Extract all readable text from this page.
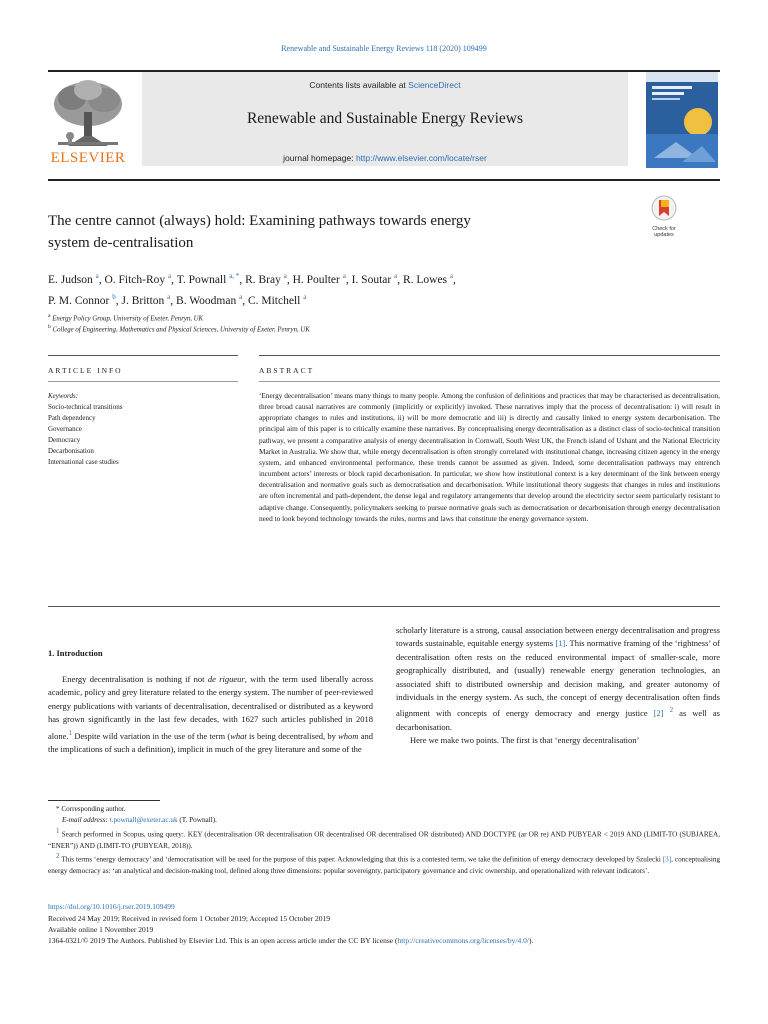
Renewable and Sustainable Energy Reviews 118 (2020) 109499
ELSEVIER
Contents lists available at ScienceDirect
Renewable and Sustainable Energy Reviews
journal homepage: http://www.elsevier.com/locate/rser
Check for updates
The centre cannot (always) hold: Examining pathways towards energy
system de-centralisation
E. Judson $^a$, O. Fitch-Roy $^a$, T. Pownall $^{a, *}$, R. Bray $^a$, H. Poulter $^a$, I. Soutar $^a$, R. Lowes $^a$,
P. M. Connor $^b$, J. Britton $^a$, B. Woodman $^a$, C. Mitchell $^a$
$^a$ Energy Policy Group, University of Exeter, Penryn, UK
$^b$ College of Engineering, Mathematics and Physical Sciences, University of Exeter, Penryn, UK
ARTICLE INFO	ABSTRACT
Keywords:
Socio-technical transitions
Path dependency
Governance
Democracy
Decarbonisation
International case studies
‘Energy decentralisation’ means many things to many people. Among the confusion of definitions and practices that may be characterised as decentralisation, three broad causal narratives are commonly (implicitly or explicitly) invoked. These narratives imply that the process of decentralisation: i) will result in appropriate changes to rules and institutions, ii) will be more democratic and iii) is directly and causally linked to energy system decarbonisation. The principal aim of this paper is to critically examine these narratives. By conceptualising energy decentralisation as a distinct class of socio-technical transition pathway, we present a comparative analysis of energy decentralisation in Cornwall, South West UK, the French island of Ushant and the National Electricity Market in Australia. We show that, while energy decentralisation is often strongly correlated with institutional change, increasing citizen agency in the energy system, and enhanced environmental performance, these trends cannot be assumed as given. Indeed, some decentralisation pathways may entrench incumbent actors’ interests or block rapid decarbonisation. In particular, we show how institutional context is a key determinant of the link between energy decentralisation and normative goals such as democratisation and decarbonisation. While institutional theory suggests that changes in rules and institutions are often incremental and path-dependent, the dense legal and regulatory arrangements that develop around the electricity sector seem particularly resistant to adaptive change. Consequently, policymakers seeking to pursue normative goals such as democratisation or decarbonisation through energy decentralisation need to look beyond technology towards the rules, norms and laws that constitute the energy governance system.
1. Introduction

Energy decentralisation is nothing if not de rigueur, with the term used liberally across academic, policy and grey literature related to the energy system. The number of peer-reviewed energy publications with variants of decentralisation, decentralised or distributed as a keyword has grown significantly in the last few decades, with 1627 such articles published in 2018 alone.$^1$ Despite wild variation in the use of the term (what is being decentralised, by whom and the implications of such a definition), implicit in much of the grey literature and some of the

scholarly literature is a strong, causal association between energy decentralisation and progress towards sustainable, equitable energy systems [1]. This normative framing of the ‘rightness’ of decentralisation often rests on the reduced environmental impact of smaller-scale, more geographically distributed, and (usually) renewable energy generation technologies, an associated shift to distributed ownership and decision making, and greater autonomy of individuals in the energy system. As such, the concept of energy decentralisation often finds alignment with concepts of energy democracy and energy justice [2] $^2$ as well as decarbonisation.

Here we make two points. The first is that ‘energy decentralisation’

* Corresponding author.
E-mail address: t.pownall@exeter.ac.uk (T. Pownall).
$^1$ Search performed in Scopus, using query:. KEY (decentralisation OR decentralisation OR decentralised OR decentralised OR distributed) AND DOCTYPE (ar OR re) AND PUBYEAR < 2019 AND (LIMIT-TO (SUBJAREA, “ENER”)) AND (LIMIT-TO (PUBYEAR, 2018)).
$^2$ This terms ‘energy democracy’ and ‘democratisation will be used for the purpose of this paper. Acknowledging that this is a contested term, we take the definition of energy democracy developed by Szulecki [3], conceptualising energy democracy as: ‘an analytical and decision-making tool, defined along three dimensions: popular sovereignty, participatory governance and civic ownership, and operationalized with relevant indicators’.
https://doi.org/10.1016/j.rser.2019.109499
Received 24 May 2019; Received in revised form 1 October 2019; Accepted 15 October 2019
Available online 1 November 2019
1364-0321/© 2019 The Authors. Published by Elsevier Ltd. This is an open access article under the CC BY license (http://creativecommons.org/licenses/by/4.0/).
